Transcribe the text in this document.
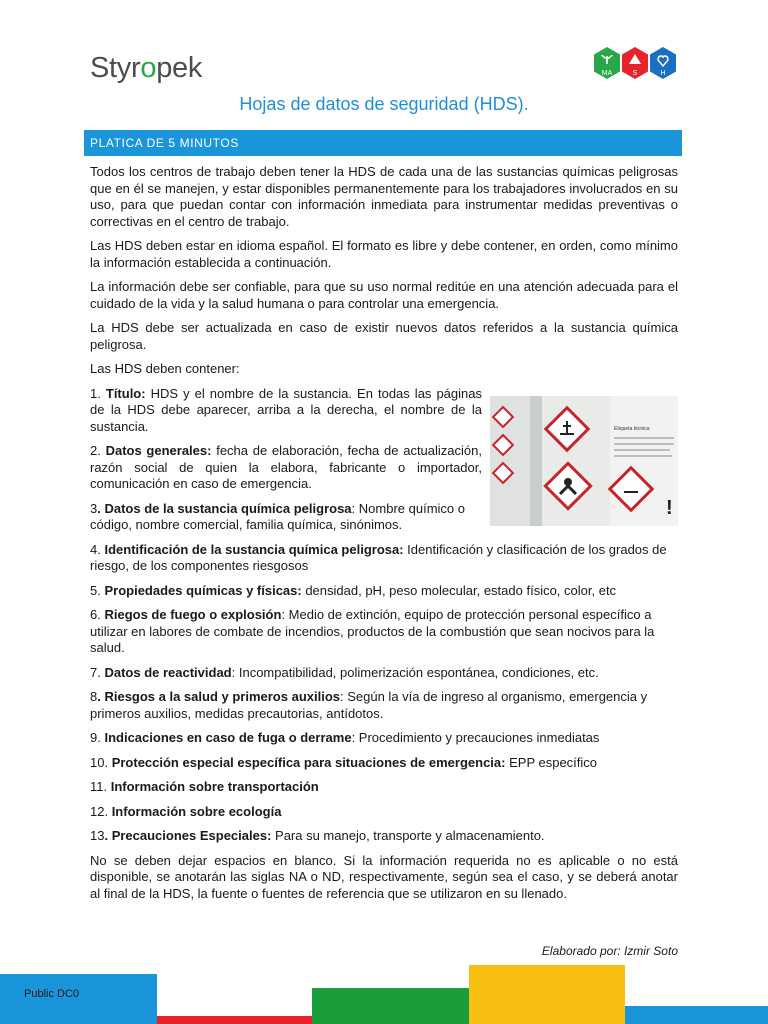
Styropek	MA	S	H
Hojas de datos de seguridad (HDS).
PLATICA DE 5 MINUTOS

Todos los centros de trabajo deben tener la HDS de cada una de las sustancias químicas peligrosas que en él se manejen, y estar disponibles permanentemente para los trabajadores involucrados en su uso, para que puedan contar con información inmediata para instrumentar medidas preventivas o correctivas en el centro de trabajo.

Las HDS deben estar en idioma español. El formato es libre y debe contener, en orden, como mínimo la información establecida a continuación.

La información debe ser confiable, para que su uso normal reditúe en una atención adecuada para el cuidado de la vida y la salud humana o para controlar una emergencia.

La HDS debe ser actualizada en caso de existir nuevos datos referidos a la sustancia química peligrosa.

Las HDS deben contener:

Etiqueta técnica
!

1. Título: HDS y el nombre de la sustancia. En todas las páginas de la HDS debe aparecer, arriba a la derecha, el nombre de la sustancia.

2. Datos generales: fecha de elaboración, fecha de actualización, razón social de quien la elabora, fabricante o importador, comunicación en caso de emergencia.

3. Datos de la sustancia química peligrosa: Nombre químico o código, nombre comercial, familia química, sinónimos.

4. Identificación de la sustancia química peligrosa: Identificación y clasificación de los grados de riesgo, de los componentes riesgosos

5. Propiedades químicas y físicas: densidad, pH, peso molecular, estado físico, color, etc

6. Riegos de fuego o explosión: Medio de extinción, equipo de protección personal específico a utilizar en labores de combate de incendios, productos de la combustión que sean nocivos para la salud.

7. Datos de reactividad: Incompatibilidad, polimerización espontánea, condiciones, etc.

8. Riesgos a la salud y primeros auxilios: Según la vía de ingreso al organismo, emergencia y primeros auxilios, medidas precautorias, antídotos.

9. Indicaciones en caso de fuga o derrame: Procedimiento y precauciones inmediatas

10. Protección especial específica para situaciones de emergencia: EPP específico

11. Información sobre transportación

12. Información sobre ecología

13. Precauciones Especiales: Para su manejo, transporte y almacenamiento.

No se deben dejar espacios en blanco. Si la información requerida no es aplicable o no está disponible, se anotarán las siglas NA o ND, respectivamente, según sea el caso, y se deberá anotar al final de la HDS, la fuente o fuentes de referencia que se utilizaron en su llenado.

Elaborado por: Izmir Soto
Public DC0
